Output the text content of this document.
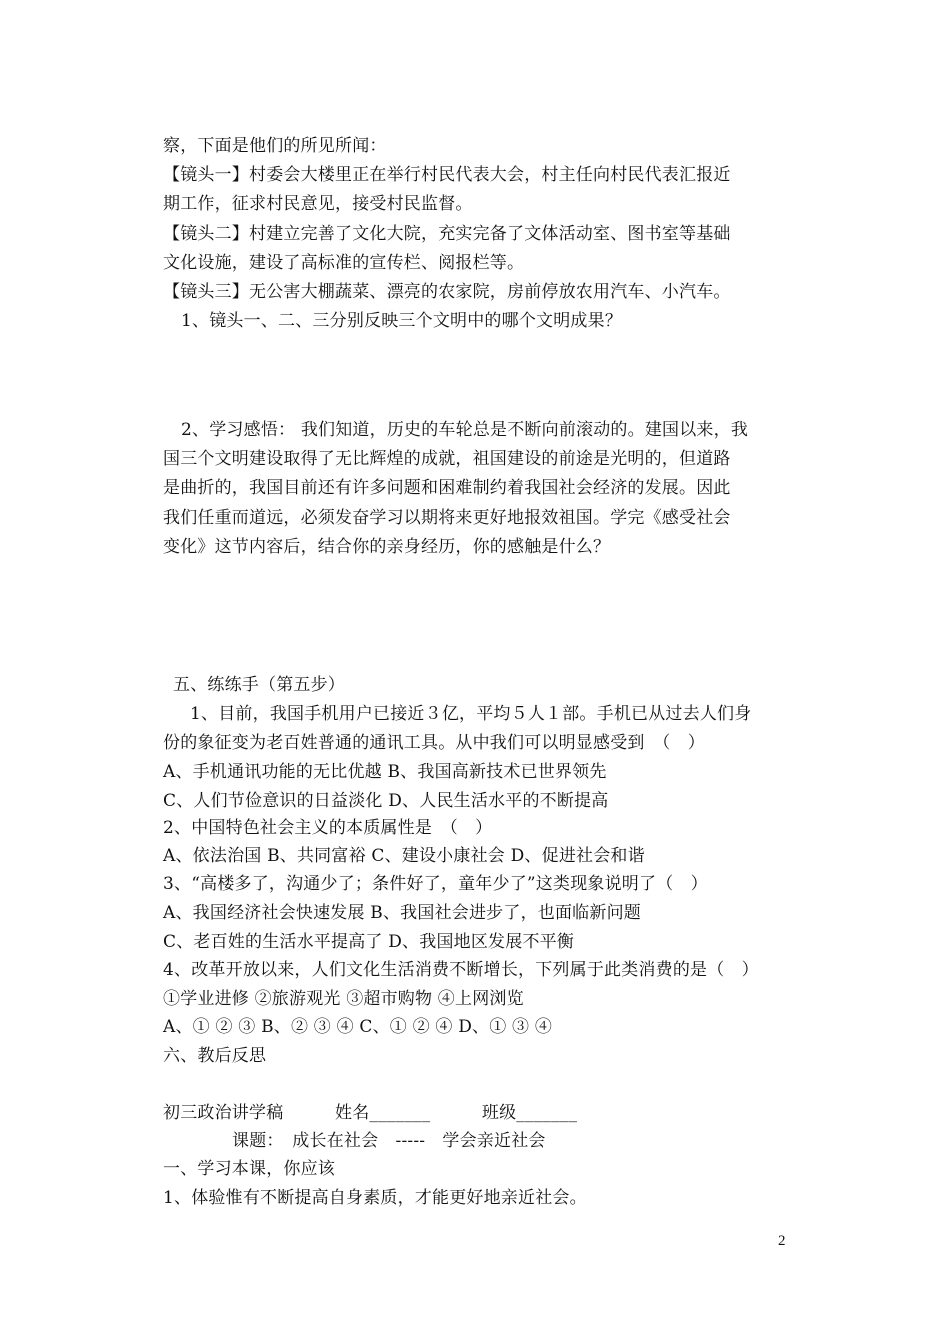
察，下面是他们的所见所闻：
【镜头一】村委会大楼里正在举行村民代表大会，村主任向村民代表汇报近
期工作，征求村民意见，接受村民监督。
【镜头二】村建立完善了文化大院，充实完备了文体活动室、图书室等基础
文化设施，建设了高标准的宣传栏、阅报栏等。
【镜头三】无公害大棚蔬菜、漂亮的农家院，房前停放农用汽车、小汽车。
1、镜头一、二、三分别反映三个文明中的哪个文明成果？
2、学习感悟： 我们知道，历史的车轮总是不断向前滚动的。建国以来，我
国三个文明建设取得了无比辉煌的成就，祖国建设的前途是光明的，但道路
是曲折的，我国目前还有许多问题和困难制约着我国社会经济的发展。因此
我们任重而道远，必须发奋学习以期将来更好地报效祖国。学完《感受社会
变化》这节内容后，结合你的亲身经历，你的感触是什么？
五、练练手（第五步）
1、目前，我国手机用户已接近３亿，平均５人１部。手机已从过去人们身
份的象征变为老百姓普通的通讯工具。从中我们可以明显感受到　（　）
A、手机通讯功能的无比优越 B、我国高新技术已世界领先
C、人们节俭意识的日益淡化 D、人民生活水平的不断提高
2、中国特色社会主义的本质属性是　（　）
A、依法治国 B、共同富裕 C、建设小康社会 D、促进社会和谐
3、“高楼多了，沟通少了；条件好了，童年少了”这类现象说明了（　）
A、我国经济社会快速发展 B、我国社会进步了，也面临新问题
C、老百姓的生活水平提高了 D、我国地区发展不平衡
4、改革开放以来，人们文化生活消费不断增长，下列属于此类消费的是（　）
①学业进修 ②旅游观光 ③超市购物 ④上网浏览
A、① ② ③ B、② ③ ④ C、① ② ④ D、① ③ ④
六、教后反思
初三政治讲学稿　　　姓名_______　　　班级_______
课题：　成长在社会　-----　学会亲近社会
一、学习本课，你应该
1、体验惟有不断提高自身素质，才能更好地亲近社会。
2
